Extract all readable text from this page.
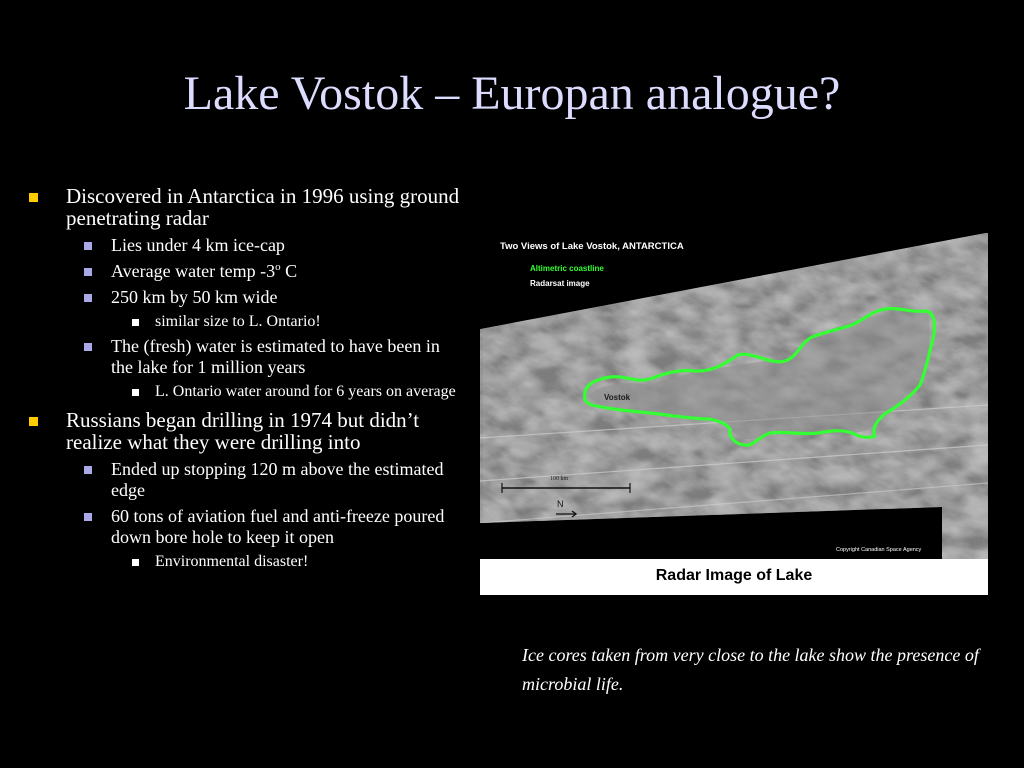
Lake Vostok – Europan analogue?
Discovered in Antarctica in 1996 using ground penetrating radar
Lies under 4 km ice-cap
Average water temp -3$^o$ C
250 km by 50 km wide
similar size to L. Ontario!
The (fresh) water is estimated to have been in the lake for 1 million years
L. Ontario water around for 6 years on average
Russians began drilling in 1974 but didn’t realize what they were drilling into
Ended up stopping 120 m above the estimated edge
60 tons of aviation fuel and anti-freeze poured down bore hole to keep it open
Environmental disaster!
Two Views of Lake Vostok, ANTARCTICA
Altimetric coastline
Radarsat image
Vostok
100 km
N
Copyright Canadian Space Agency
Radar Image of Lake
Ice cores taken from very close to the lake show the presence of microbial life.
